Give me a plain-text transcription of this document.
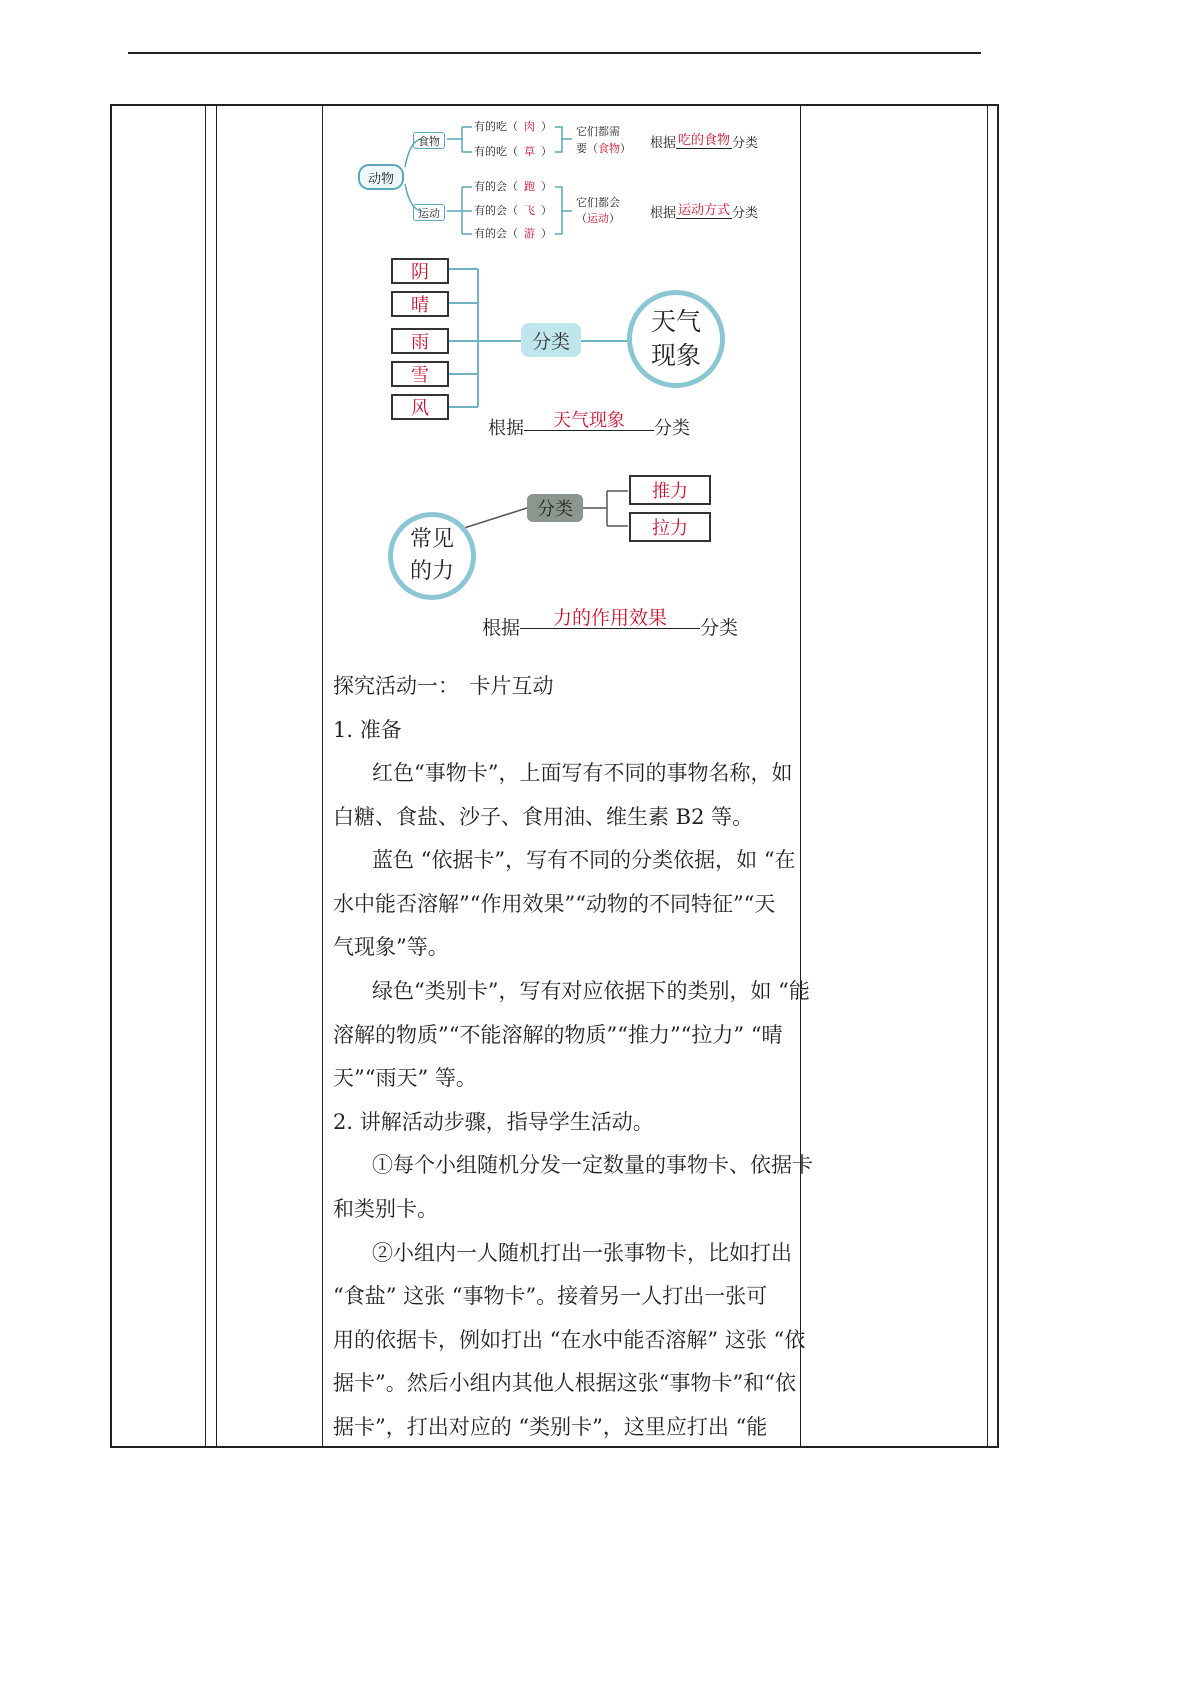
动物
食物
运动
有的吃（ 肉 ）
有的吃（ 草 ）
有的会（ 跑 ）
有的会（ 飞 ）
有的会（ 游 ）
它们都需
要（食物）
它们都会
（运动）
根据 吃的食物 分类
根据 运动方式 分类
阴
晴
雨
雪
风
分类
天气
现象
根据 天气现象 分类
分类
推力
拉力
常见
的力
根据 力的作用效果 分类
探究活动一：　卡片互动
1. 准备
红色“事物卡”，上面写有不同的事物名称，如
白糖、食盐、沙子、食用油、维生素 B2 等。
蓝色 “依据卡”，写有不同的分类依据，如 “在
水中能否溶解”“作用效果”“动物的不同特征”“天
气现象”等。
绿色“类别卡”，写有对应依据下的类别，如 “能
溶解的物质”“不能溶解的物质”“推力”“拉力” “晴
天”“雨天” 等。
2. 讲解活动步骤，指导学生活动。
①每个小组随机分发一定数量的事物卡、依据卡
和类别卡。
②小组内一人随机打出一张事物卡，比如打出
“食盐” 这张 “事物卡”。接着另一人打出一张可
用的依据卡，例如打出 “在水中能否溶解” 这张 “依
据卡”。然后小组内其他人根据这张“事物卡”和“依
据卡”，打出对应的 “类别卡”，这里应打出 “能
